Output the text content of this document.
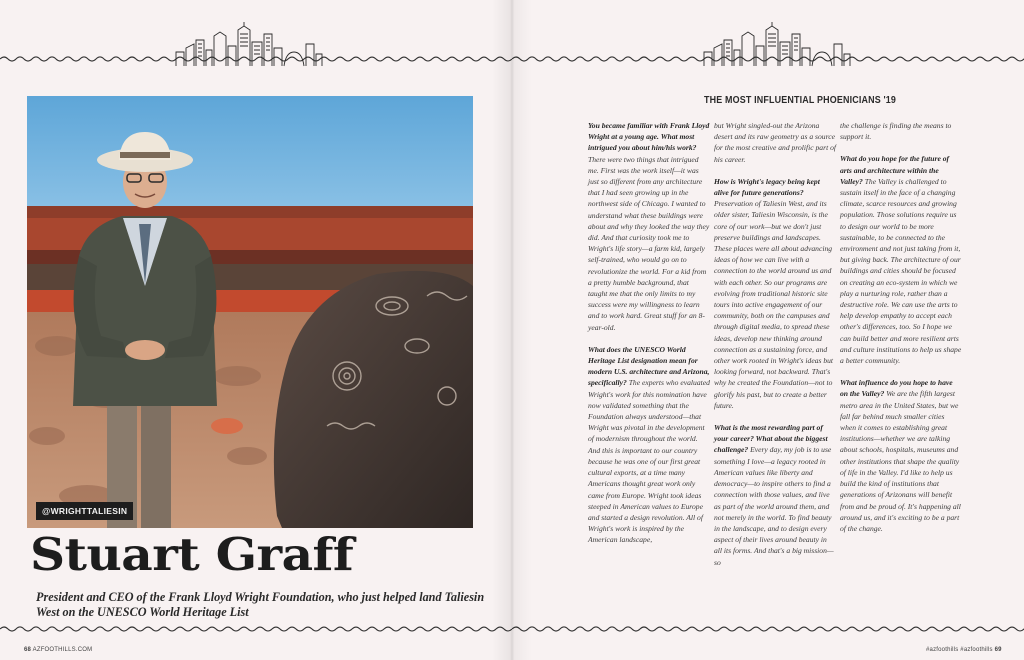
@WRIGHTTALIESIN
Stuart Graff
President and CEO of the Frank Lloyd Wright Foundation, who just helped land Taliesin West on the UNESCO World Heritage List
68 AZFOOTHILLS.COM
THE MOST INFLUENTIAL PHOENICIANS '19

You became familiar with Frank Lloyd Wright at a young age. What most intrigued you about him/his work? There were two things that intrigued me. First was the work itself—it was just so different from any architecture that I had seen growing up in the northwest side of Chicago. I wanted to understand what these buildings were about and why they looked the way they did. And that curiosity took me to Wright's life story—a farm kid, largely self-trained, who would go on to revolutionize the world. For a kid from a pretty humble background, that taught me that the only limits to my success were my willingness to learn and to work hard. Great stuff for an 8-year-old.

What does the UNESCO World Heritage List designation mean for modern U.S. architecture and Arizona, specifically? The experts who evaluated Wright's work for this nomination have now validated something that the Foundation always understood—that Wright was pivotal in the development of modernism throughout the world. And this is important to our country because he was one of our first great cultural exports, at a time many Americans thought great work only came from Europe. Wright took ideas steeped in American values to Europe and started a design revolution. All of Wright's work is inspired by the American landscape,

but Wright singled-out the Arizona desert and its raw geometry as a source for the most creative and prolific part of his career.

How is Wright's legacy being kept alive for future generations? Preservation of Taliesin West, and its older sister, Taliesin Wisconsin, is the core of our work—but we don't just preserve buildings and landscapes. These places were all about advancing ideas of how we can live with a connection to the world around us and with each other. So our programs are evolving from traditional historic site tours into active engagement of our community, both on the campuses and through digital media, to spread these ideas, develop new thinking around connection as a sustaining force, and other work rooted in Wright's ideas but looking forward, not backward. That's why he created the Foundation—not to glorify his past, but to create a better future.

What is the most rewarding part of your career? What about the biggest challenge? Every day, my job is to use something I love—a legacy rooted in American values like liberty and democracy—to inspire others to find a connection with those values, and live as part of the world around them, and not merely in the world. To find beauty in the landscape, and to design every aspect of their lives around beauty in all its forms. And that's a big mission—so

the challenge is finding the means to support it.

What do you hope for the future of arts and architecture within the Valley? The Valley is challenged to sustain itself in the face of a changing climate, scarce resources and growing population. Those solutions require us to design our world to be more sustainable, to be connected to the environment and not just taking from it, but giving back. The architecture of our buildings and cities should be focused on creating an eco-system in which we play a nurturing role, rather than a destructive role. We can use the arts to help develop empathy to accept each other's differences, too. So I hope we can build better and more resilient arts and culture institutions to help us shape a better community.

What influence do you hope to have on the Valley? We are the fifth largest metro area in the United States, but we fall far behind much smaller cities when it comes to establishing great institutions—whether we are talking about schools, hospitals, museums and other institutions that shape the quality of life in the Valley. I'd like to help us build the kind of institutions that generations of Arizonans will benefit from and be proud of. It's happening all around us, and it's exciting to be a part of the change.

#azfoothills #azfoothills 69
